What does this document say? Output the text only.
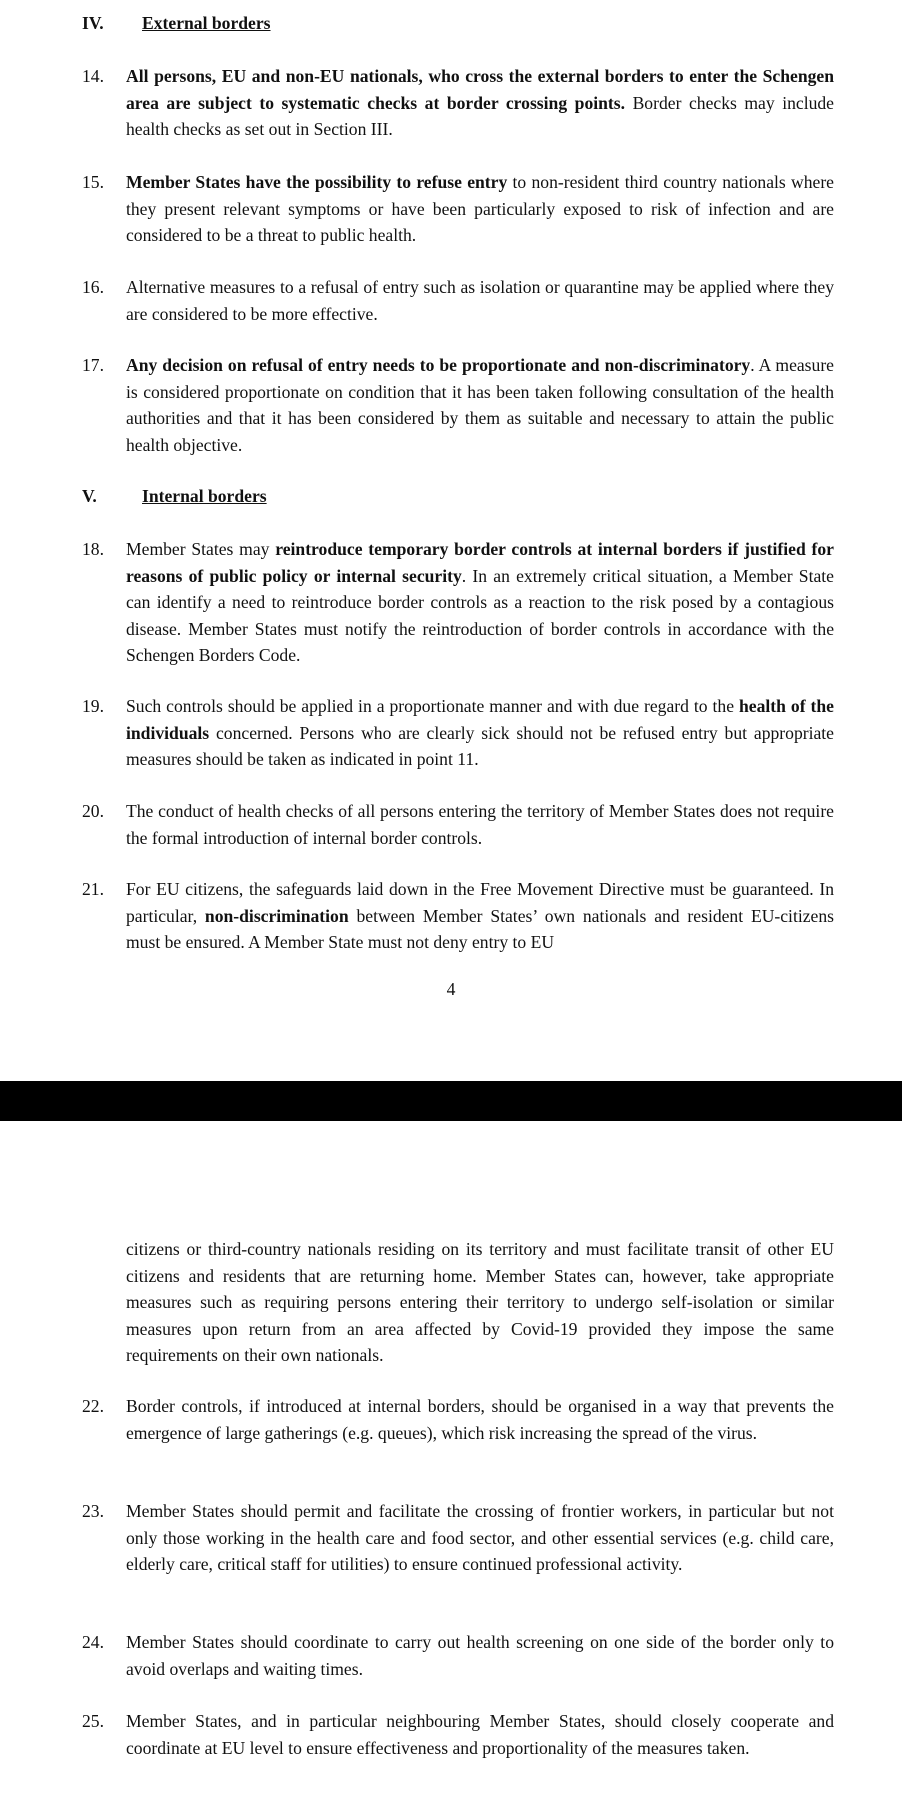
IV. External borders
14.	All persons, EU and non-EU nationals, who cross the external borders to enter the Schengen area are subject to systematic checks at border crossing points. Border checks may include health checks as set out in Section III.
15.	Member States have the possibility to refuse entry to non-resident third country nationals where they present relevant symptoms or have been particularly exposed to risk of infection and are considered to be a threat to public health.
16.	Alternative measures to a refusal of entry such as isolation or quarantine may be applied where they are considered to be more effective.
17.	Any decision on refusal of entry needs to be proportionate and non-discriminatory. A measure is considered proportionate on condition that it has been taken following consultation of the health authorities and that it has been considered by them as suitable and necessary to attain the public health objective.
V.	Internal borders
18.	Member States may reintroduce temporary border controls at internal borders if justified for reasons of public policy or internal security. In an extremely critical situation, a Member State can identify a need to reintroduce border controls as a reaction to the risk posed by a contagious disease. Member States must notify the reintroduction of border controls in accordance with the Schengen Borders Code.
19.	Such controls should be applied in a proportionate manner and with due regard to the health of the individuals concerned. Persons who are clearly sick should not be refused entry but appropriate measures should be taken as indicated in point 11.
20.	The conduct of health checks of all persons entering the territory of Member States does not require the formal introduction of internal border controls.
21.	For EU citizens, the safeguards laid down in the Free Movement Directive must be guaranteed. In particular, non-discrimination between Member States’ own nationals and resident EU-citizens must be ensured. A Member State must not deny entry to EU
4
citizens or third-country nationals residing on its territory and must facilitate transit of other EU citizens and residents that are returning home. Member States can, however, take appropriate measures such as requiring persons entering their territory to undergo self-isolation or similar measures upon return from an area affected by Covid-19 provided they impose the same requirements on their own nationals.
22.	Border controls, if introduced at internal borders, should be organised in a way that prevents the emergence of large gatherings (e.g. queues), which risk increasing the spread of the virus.
23.	Member States should permit and facilitate the crossing of frontier workers, in particular but not only those working in the health care and food sector, and other essential services (e.g. child care, elderly care, critical staff for utilities) to ensure continued professional activity.
24.	Member States should coordinate to carry out health screening on one side of the border only to avoid overlaps and waiting times.
25.	Member States, and in particular neighbouring Member States, should closely cooperate and coordinate at EU level to ensure effectiveness and proportionality of the measures taken.
